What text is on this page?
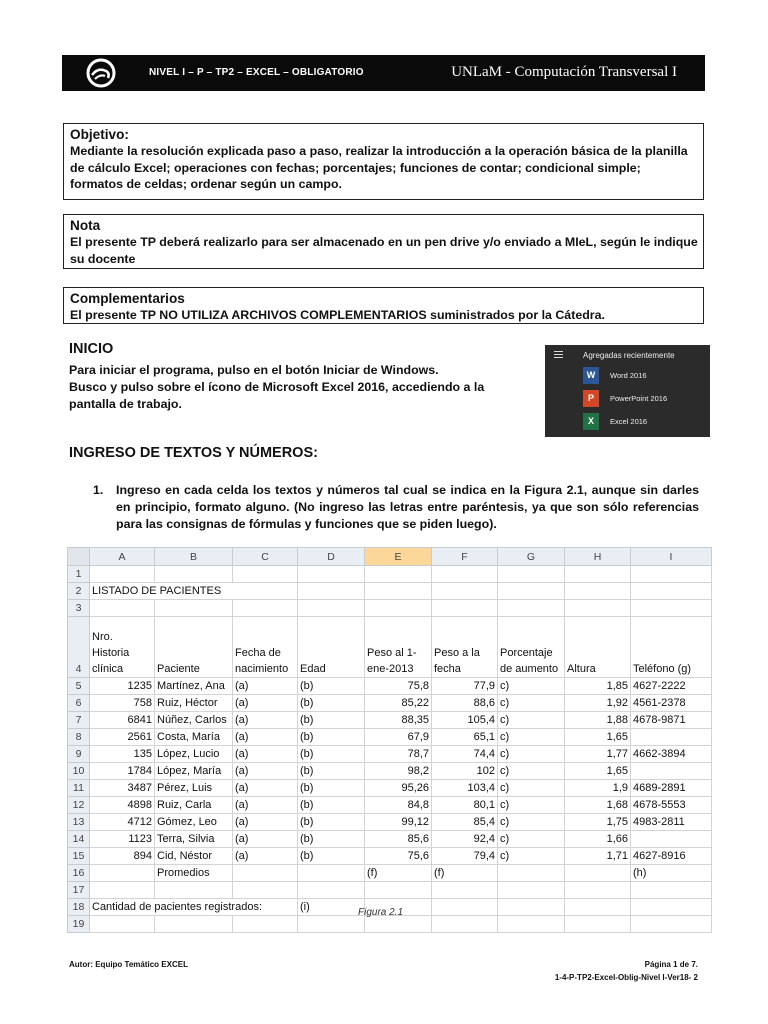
NIVEL I – P – TP2 – EXCEL – OBLIGATORIO	UNLaM - Computación Transversal I
Objetivo:
Mediante la resolución explicada paso a paso, realizar la introducción a la operación básica de la planilla de cálculo Excel; operaciones con fechas; porcentajes; funciones de contar; condicional simple; formatos de celdas; ordenar según un campo.
Nota
El presente TP deberá realizarlo para ser almacenado en un pen drive y/o enviado a MIeL, según le indique su docente
Complementarios
El presente TP NO UTILIZA ARCHIVOS COMPLEMENTARIOS suministrados por la Cátedra.
INICIO
Para iniciar el programa, pulso en el botón Iniciar de Windows.
Busco y pulso sobre el ícono de Microsoft Excel 2016, accediendo a la pantalla de trabajo.
Agregadas recientemente
W	Word 2016
P	PowerPoint 2016
X	Excel 2016
INGRESO DE TEXTOS Y NÚMEROS:
1. Ingreso en cada celda los textos y números tal cual se indica en la Figura 2.1, aunque sin darles en principio, formato alguno. (No ingreso las letras entre paréntesis, ya que son sólo referencias para las consignas de fórmulas y funciones que se piden luego).
	A	B	C	D	E	F	G	H	I
1									
2	LISTADO DE PACIENTES								
3									
4	Nro. Historia clínica	Paciente	Fecha de nacimiento	Edad	Peso al 1-ene-2013	Peso a la fecha	Porcentaje de aumento	Altura	Teléfono (g)
5	1235	Martínez, Ana	(a)	(b)	75,8	77,9	c)	1,85	4627-2222
6	758	Ruiz, Héctor	(a)	(b)	85,22	88,6	c)	1,92	4561-2378
7	6841	Núñez, Carlos	(a)	(b)	88,35	105,4	c)	1,88	4678-9871
8	2561	Costa, María	(a)	(b)	67,9	65,1	c)	1,65	
9	135	López, Lucio	(a)	(b)	78,7	74,4	c)	1,77	4662-3894
10	1784	López, María	(a)	(b)	98,2	102	c)	1,65	
11	3487	Pérez, Luis	(a)	(b)	95,26	103,4	c)	1,9	4689-2891
12	4898	Ruiz, Carla	(a)	(b)	84,8	80,1	c)	1,68	4678-5553
13	4712	Gómez, Leo	(a)	(b)	99,12	85,4	c)	1,75	4983-2811
14	1123	Terra, Silvia	(a)	(b)	85,6	92,4	c)	1,66	
15	894	Cid, Néstor	(a)	(b)	75,6	79,4	c)	1,71	4627-8916
16		Promedios			(f)	(f)			(h)
17									
18	Cantidad de pacientes registrados:			(i)					
19									
Figura 2.1
Autor: Equipo Temático EXCEL	Página 1 de 7.
1-4-P-TP2-Excel-Oblig-Nivel I-Ver18- 2
